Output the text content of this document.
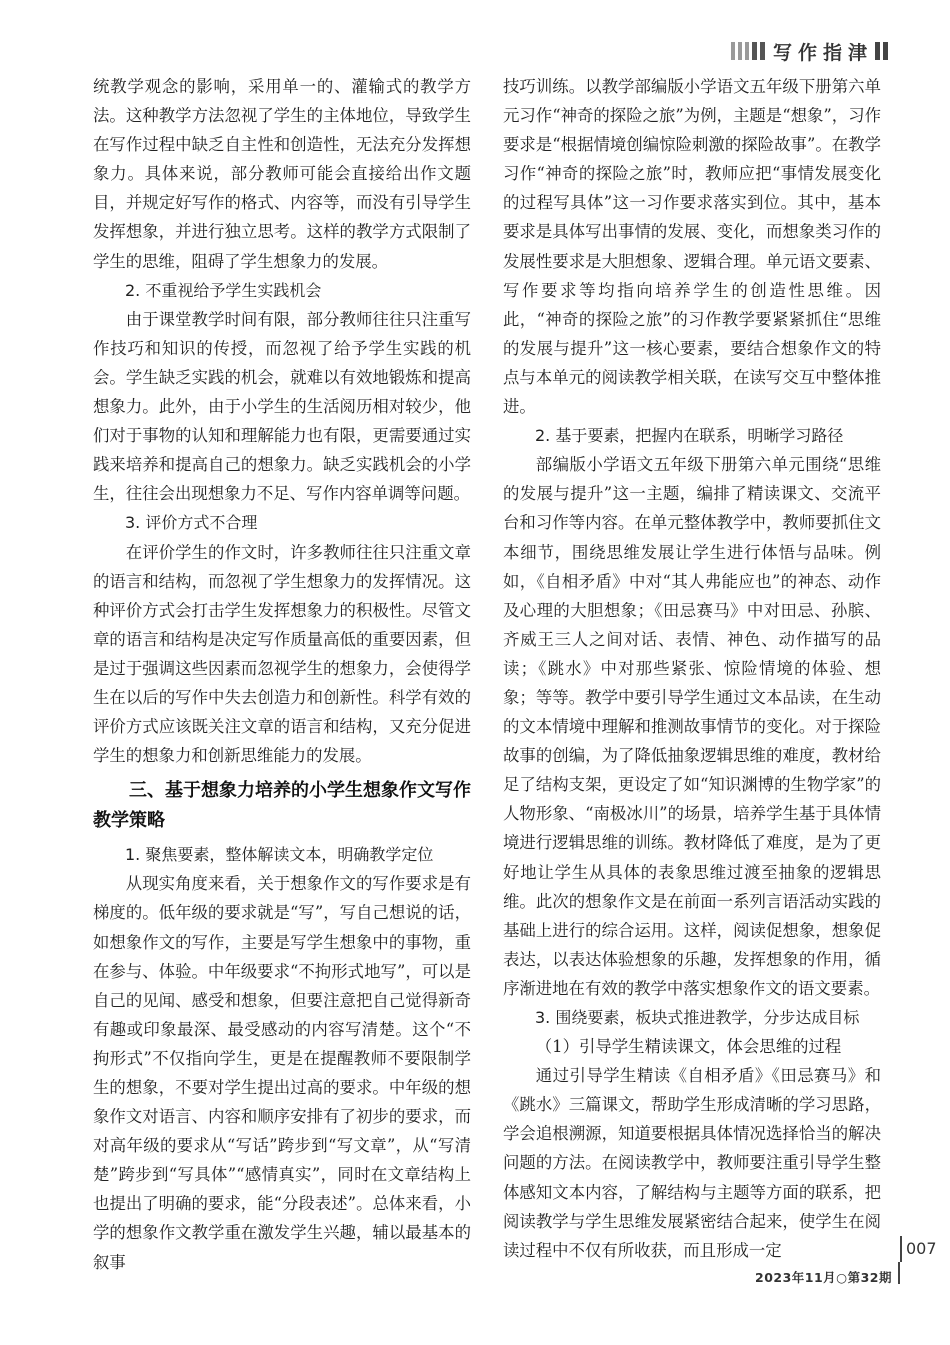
写作指津

统教学观念的影响，采用单一的、灌输式的教学方法。这种教学方法忽视了学生的主体地位，导致学生在写作过程中缺乏自主性和创造性，无法充分发挥想象力。具体来说，部分教师可能会直接给出作文题目，并规定好写作的格式、内容等，而没有引导学生发挥想象，并进行独立思考。这样的教学方式限制了学生的思维，阻碍了学生想象力的发展。

2. 不重视给予学生实践机会

由于课堂教学时间有限，部分教师往往只注重写作技巧和知识的传授，而忽视了给予学生实践的机会。学生缺乏实践的机会，就难以有效地锻炼和提高想象力。此外，由于小学生的生活阅历相对较少，他们对于事物的认知和理解能力也有限，更需要通过实践来培养和提高自己的想象力。缺乏实践机会的小学生，往往会出现想象力不足、写作内容单调等问题。

3. 评价方式不合理

在评价学生的作文时，许多教师往往只注重文章的语言和结构，而忽视了学生想象力的发挥情况。这种评价方式会打击学生发挥想象力的积极性。尽管文章的语言和结构是决定写作质量高低的重要因素，但是过于强调这些因素而忽视学生的想象力，会使得学生在以后的写作中失去创造力和创新性。科学有效的评价方式应该既关注文章的语言和结构，又充分促进学生的想象力和创新思维能力的发展。

三、基于想象力培养的小学生想象作文写作教学策略

1. 聚焦要素，整体解读文本，明确教学定位

从现实角度来看，关于想象作文的写作要求是有梯度的。低年级的要求就是“写”，写自己想说的话，如想象作文的写作，主要是写学生想象中的事物，重在参与、体验。中年级要求“不拘形式地写”，可以是自己的见闻、感受和想象，但要注意把自己觉得新奇有趣或印象最深、最受感动的内容写清楚。这个“不拘形式”不仅指向学生，更是在提醒教师不要限制学生的想象，不要对学生提出过高的要求。中年级的想象作文对语言、内容和顺序安排有了初步的要求，而对高年级的要求从“写话”跨步到“写文章”，从“写清楚”跨步到“写具体”“感情真实”，同时在文章结构上也提出了明确的要求，能“分段表述”。总体来看，小学的想象作文教学重在激发学生兴趣，辅以最基本的叙事

技巧训练。以教学部编版小学语文五年级下册第六单元习作“神奇的探险之旅”为例，主题是“想象”，习作要求是“根据情境创编惊险刺激的探险故事”。在教学习作“神奇的探险之旅”时，教师应把“事情发展变化的过程写具体”这一习作要求落实到位。其中，基本要求是具体写出事情的发展、变化，而想象类习作的发展性要求是大胆想象、逻辑合理。单元语文要素、写作要求等均指向培养学生的创造性思维。因此，“神奇的探险之旅”的习作教学要紧紧抓住“思维的发展与提升”这一核心要素，要结合想象作文的特点与本单元的阅读教学相关联，在读写交互中整体推进。

2. 基于要素，把握内在联系，明晰学习路径

部编版小学语文五年级下册第六单元围绕“思维的发展与提升”这一主题，编排了精读课文、交流平台和习作等内容。在单元整体教学中，教师要抓住文本细节，围绕思维发展让学生进行体悟与品味。例如，《自相矛盾》中对“其人弗能应也”的神态、动作及心理的大胆想象；《田忌赛马》中对田忌、孙膑、齐威王三人之间对话、表情、神色、动作描写的品读；《跳水》中对那些紧张、惊险情境的体验、想象；等等。教学中要引导学生通过文本品读，在生动的文本情境中理解和推测故事情节的变化。对于探险故事的创编，为了降低抽象逻辑思维的难度，教材给足了结构支架，更设定了如“知识渊博的生物学家”的人物形象、“南极冰川”的场景，培养学生基于具体情境进行逻辑思维的训练。教材降低了难度，是为了更好地让学生从具体的表象思维过渡至抽象的逻辑思维。此次的想象作文是在前面一系列言语活动实践的基础上进行的综合运用。这样，阅读促想象，想象促表达，以表达体验想象的乐趣，发挥想象的作用，循序渐进地在有效的教学中落实想象作文的语文要素。

3. 围绕要素，板块式推进教学，分步达成目标

（1）引导学生精读课文，体会思维的过程

通过引导学生精读《自相矛盾》《田忌赛马》和《跳水》三篇课文，帮助学生形成清晰的学习思路，学会追根溯源，知道要根据具体情况选择恰当的解决问题的方法。在阅读教学中，教师要注重引导学生整体感知文本内容，了解结构与主题等方面的联系，把阅读教学与学生思维发展紧密结合起来，使学生在阅读过程中不仅有所收获，而且形成一定	007
2023年11月○第32期
